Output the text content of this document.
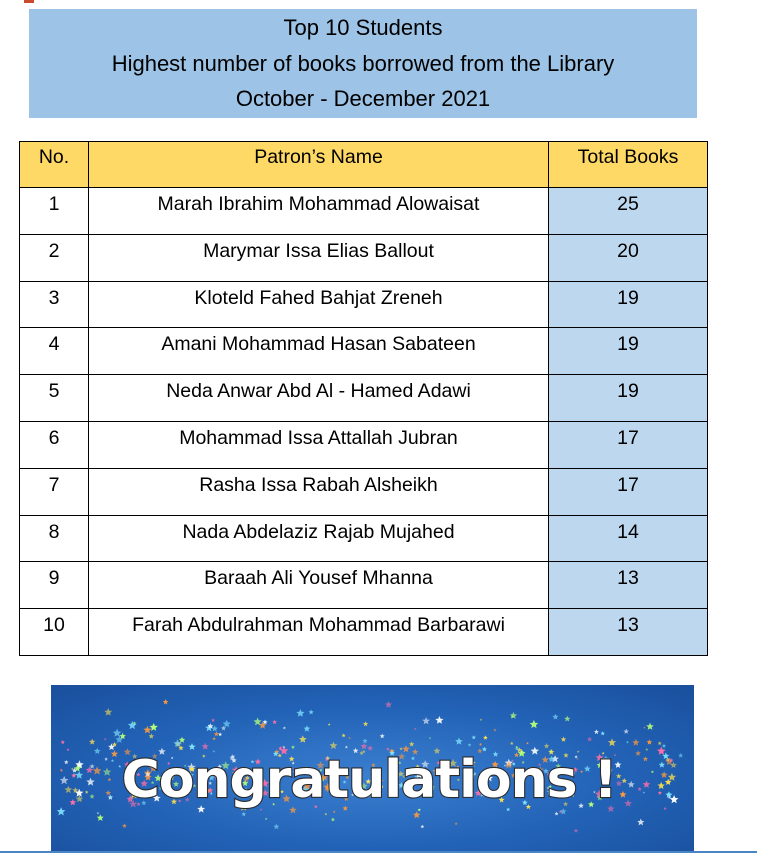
Top 10 Students
Highest number of books borrowed from the Library
October - December 2021
No.	Patron’s Name	Total Books
1	Marah Ibrahim Mohammad Alowaisat	25
2	Marymar Issa Elias Ballout	20
3	Kloteld Fahed Bahjat Zreneh	19
4	Amani Mohammad Hasan Sabateen	19
5	Neda Anwar Abd Al - Hamed Adawi	19
6	Mohammad Issa Attallah Jubran	17
7	Rasha Issa Rabah Alsheikh	17
8	Nada Abdelaziz Rajab Mujahed	14
9	Baraah Ali Yousef Mhanna	13
10	Farah Abdulrahman Mohammad Barbarawi	13
Congratulations !
